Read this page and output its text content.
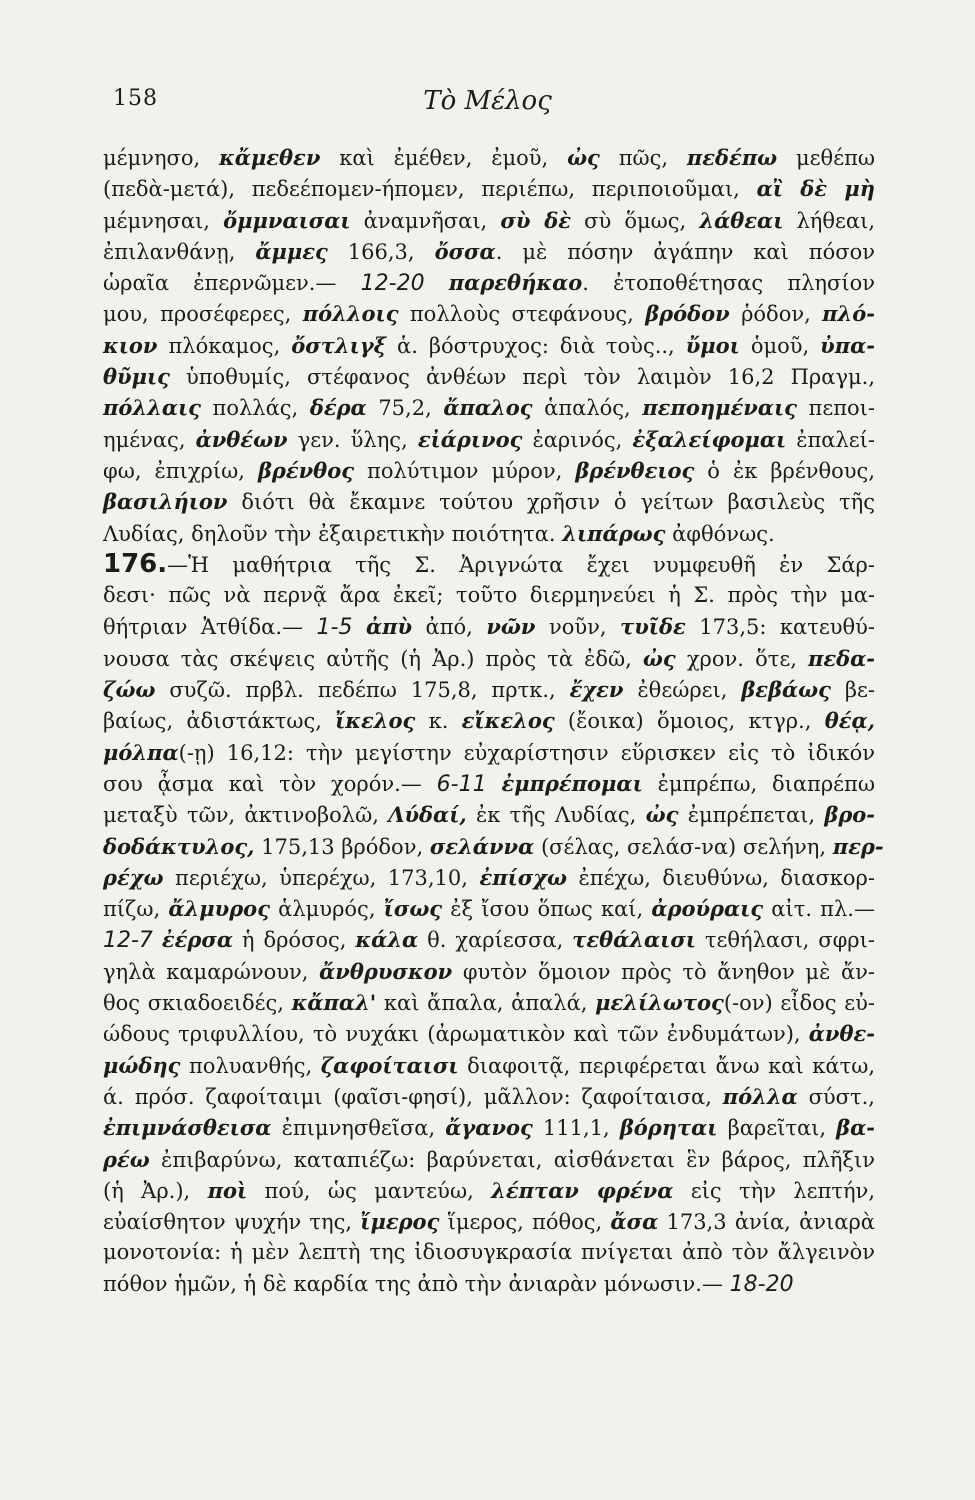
158	Τὸ Μέλος
μέμνησο, κἄμεθεν καὶ ἐμέθεν, ἐμοῦ, ὠς πῶς, πεδέπω μεθέπω
(πεδὰ-μετά), πεδεέπομεν-ήπομεν, περιέπω, περιποιοῦμαι, αἲ δὲ μὴ
μέμνησαι, ὄμμναισαι ἀναμνῆσαι, σὺ δὲ σὺ ὅμως, λάθεαι λήθεαι,
ἐπιλανθάνῃ, ἄμμες 166,3, ὄσσα. μὲ πόσην ἀγάπην καὶ πόσον
ὡραῖα ἐπερνῶμεν.— 12-20 παρεθήκαο. ἐτοποθέτησας πλησίον
μου, προσέφερες, πόλλοις πολλοὺς στεφάνους, βρόδον ῥόδον, πλό-
κιον πλόκαμος, ὄστλιγξ ἁ. βόστρυχος: διὰ τοὺς.., ὔμοι ὁμοῦ, ὐπα-
θῦμις ὑποθυμίς, στέφανος ἀνθέων περὶ τὸν λαιμὸν 16,2 Πραγμ.,
πόλλαις πολλάς, δέρα 75,2, ἄπαλος ἁπαλός, πεποημέναις πεποι-
ημένας, ἀνθέων γεν. ὕλης, εἰάρινος ἐαρινός, ἐξαλείφομαι ἐπαλεί-
φω, ἐπιχρίω, βρένθος πολύτιμον μύρον, βρένθειος ὁ ἐκ βρένθους,
βασιλήιον διότι θὰ ἔκαμνε τούτου χρῆσιν ὁ γείτων βασιλεὺς τῆς
Λυδίας, δηλοῦν τὴν ἐξαιρετικὴν ποιότητα. λιπάρως ἀφθόνως.
176.—Ἡ μαθήτρια τῆς Σ. Ἀριγνώτα ἔχει νυμφευθῆ ἐν Σάρ-
δεσι· πῶς νὰ περνᾷ ἄρα ἐκεῖ; τοῦτο διερμηνεύει ἡ Σ. πρὸς τὴν μα-
θήτριαν Ἀτθίδα.— 1-5 ἀπὺ ἀπό, νῶν νοῦν, τυῖδε 173,5: κατευθύ-
νουσα τὰς σκέψεις αὐτῆς (ἡ Ἀρ.) πρὸς τὰ ἐδῶ, ὠς χρον. ὅτε, πεδα-
ζώω συζῶ. πρβλ. πεδέπω 175,8, πρτκ., ἔχεν ἐθεώρει, βεβάως βε-
βαίως, ἀδιστάκτως, ἴκελος κ. εἴκελος (ἔοικα) ὅμοιος, κτγρ., θέᾳ,
μόλπα(-ῃ) 16,12: τὴν μεγίστην εὐχαρίστησιν εὕρισκεν εἰς τὸ ἰδικόν
σου ᾆσμα καὶ τὸν χορόν.— 6-11 ἐμπρέπομαι ἐμπρέπω, διαπρέπω
μεταξὺ τῶν, ἀκτινοβολῶ, Λύδαί, ἐκ τῆς Λυδίας, ὠς ἐμπρέπεται, βρο-
δοδάκτυλος, 175,13 βρόδον, σελάννα (σέλας, σελάσ-να) σελήνη, περ-
ρέχω περιέχω, ὑπερέχω, 173,10, ἐπίσχω ἐπέχω, διευθύνω, διασκορ-
πίζω, ἄλμυρος ἁλμυρός, ἴσως ἐξ ἴσου ὅπως καί, ἀρούραις αἰτ. πλ.—
12-7 ἐέρσα ἡ δρόσος, κάλα θ. χαρίεσσα, τεθάλαισι τεθήλασι, σφρι-
γηλὰ καμαρώνουν, ἄνθρυσκον φυτὸν ὅμοιον πρὸς τὸ ἄνηθον μὲ ἄν-
θος σκιαδοειδές, κἄπαλ' καὶ ἄπαλα, ἁπαλά, μελίλωτος(-ον) εἶδος εὐ-
ώδους τριφυλλίου, τὸ νυχάκι (ἀρωματικὸν καὶ τῶν ἐνδυμάτων), ἀνθε-
μώδης πολυανθής, ζαφοίταισι διαφοιτᾷ, περιφέρεται ἄνω καὶ κάτω,
ά. πρόσ. ζαφοίταιμι (φαῖσι-φησί), μᾶλλον: ζαφοίταισα, πόλλα σύστ.,
ἐπιμνάσθεισα ἐπιμνησθεῖσα, ἄγανος 111,1, βόρηται βαρεῖται, βα-
ρέω ἐπιβαρύνω, καταπιέζω: βαρύνεται, αἰσθάνεται ἓν βάρος, πλῆξιν
(ἡ Ἀρ.), ποὶ πού, ὡς μαντεύω, λέπταν φρένα εἰς τὴν λεπτήν,
εὐαίσθητον ψυχήν της, ἴμερος ἵμερος, πόθος, ἄσα 173,3 ἀνία, ἀνιαρὰ
μονοτονία: ἡ μὲν λεπτὴ της ἰδιοσυγκρασία πνίγεται ἀπὸ τὸν ἄλγεινὸν
πόθον ἡμῶν, ἡ δὲ καρδία της ἀπὸ τὴν ἀνιαρὰν μόνωσιν.— 18-20
